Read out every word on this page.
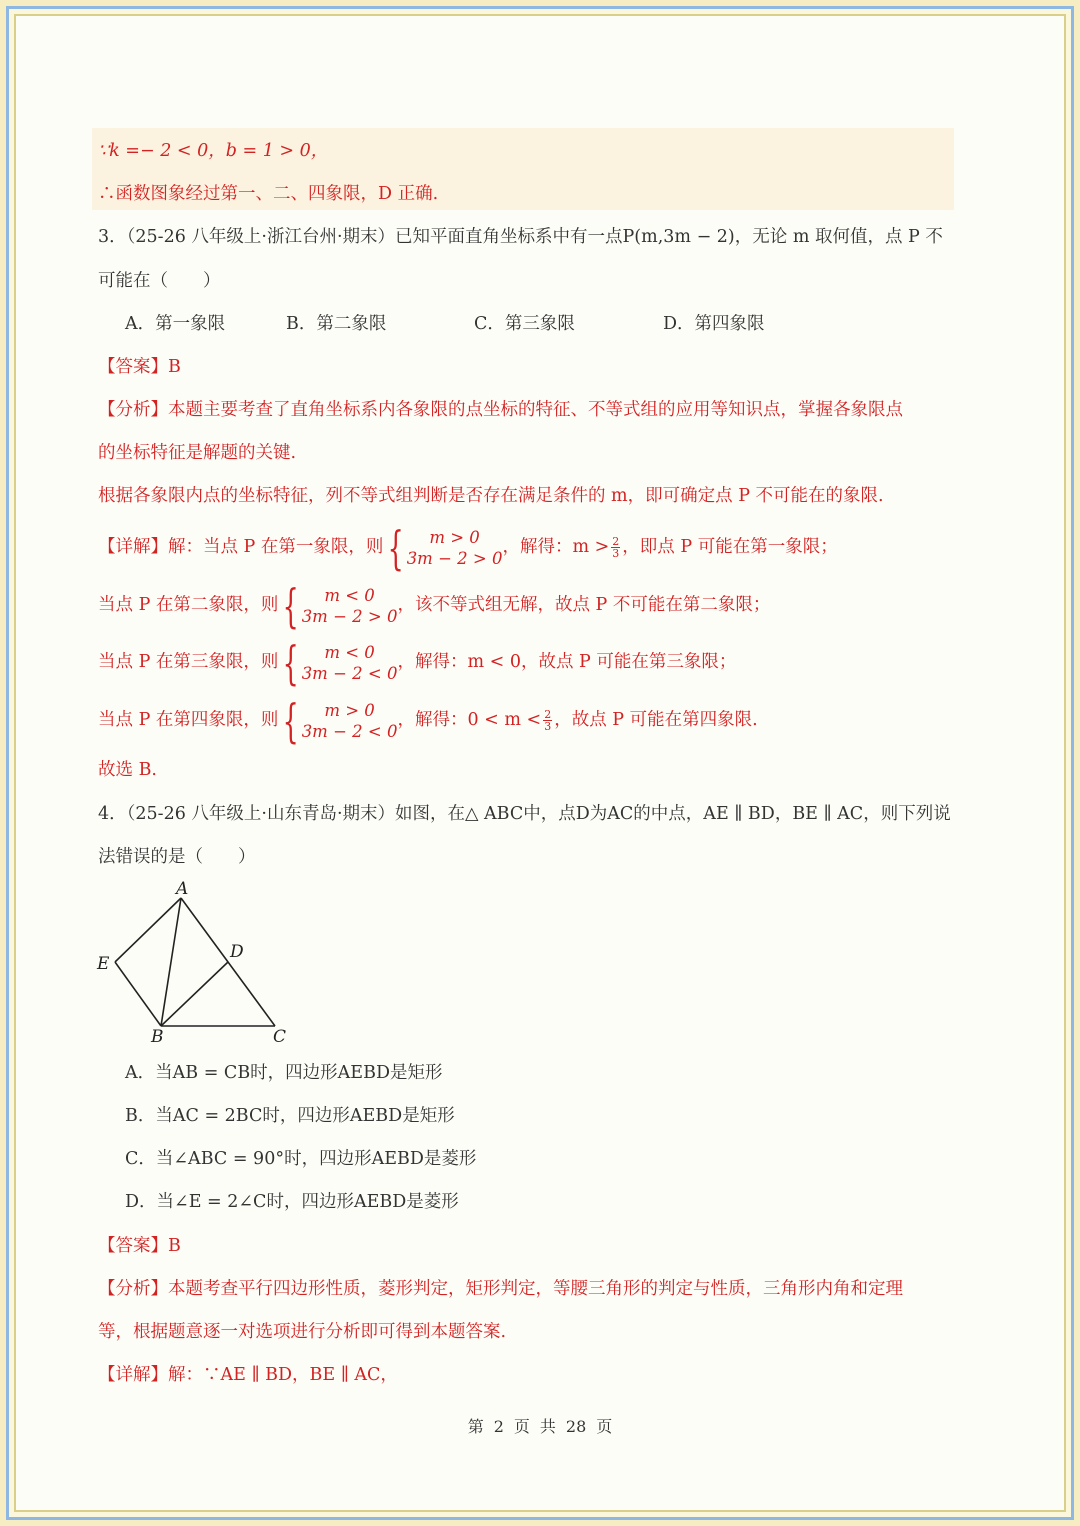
∵k =− 2 < 0，b = 1 > 0，
∴函数图象经过第一、二、四象限，D 正确.
3．（25-26 八年级上·浙江台州·期末）已知平面直角坐标系中有一点P(m,3m − 2)，无论 m 取何值，点 P 不
可能在（　　）
A．第一象限	B．第二象限	C．第三象限	D．第四象限
【答案】B
【分析】本题主要考查了直角坐标系内各象限的点坐标的特征、不等式组的应用等知识点，掌握各象限点
的坐标特征是解题的关键.
根据各象限内点的坐标特征，列不等式组判断是否存在满足条件的 m，即可确定点 P 不可能在的象限.
【详解】解：当点 P 在第一象限，则{	m > 0
3m − 2 > 0
，解得：$m > \frac{2}{3}$ ，即点 P 可能在第一象限；
当点 P 在第二象限，则{	m < 0
3m − 2 > 0
，该不等式组无解，故点 P 不可能在第二象限；
当点 P 在第三象限，则{	m < 0
3m − 2 < 0
，解得：m < 0，故点 P 可能在第三象限；
当点 P 在第四象限，则{	m > 0
3m − 2 < 0
，解得：$0 < m < \frac{2}{3}$ ，故点 P 可能在第四象限.
故选 B.
4．（25-26 八年级上·山东青岛·期末）如图，在△ ABC中，点D为AC的中点，AE ∥ BD，BE ∥ AC，则下列说
法错误的是（　　）
A
E
D
B	C
A．当AB = CB时，四边形AEBD是矩形
B．当AC = 2BC时，四边形AEBD是矩形
C．当∠ABC = 90°时，四边形AEBD是菱形
D．当∠E = 2∠C时，四边形AEBD是菱形
【答案】B
【分析】本题考查平行四边形性质，菱形判定，矩形判定，等腰三角形的判定与性质，三角形内角和定理
等，根据题意逐一对选项进行分析即可得到本题答案.
【详解】解：∵AE ∥ BD，BE ∥ AC，
第 2 页 共 28 页
